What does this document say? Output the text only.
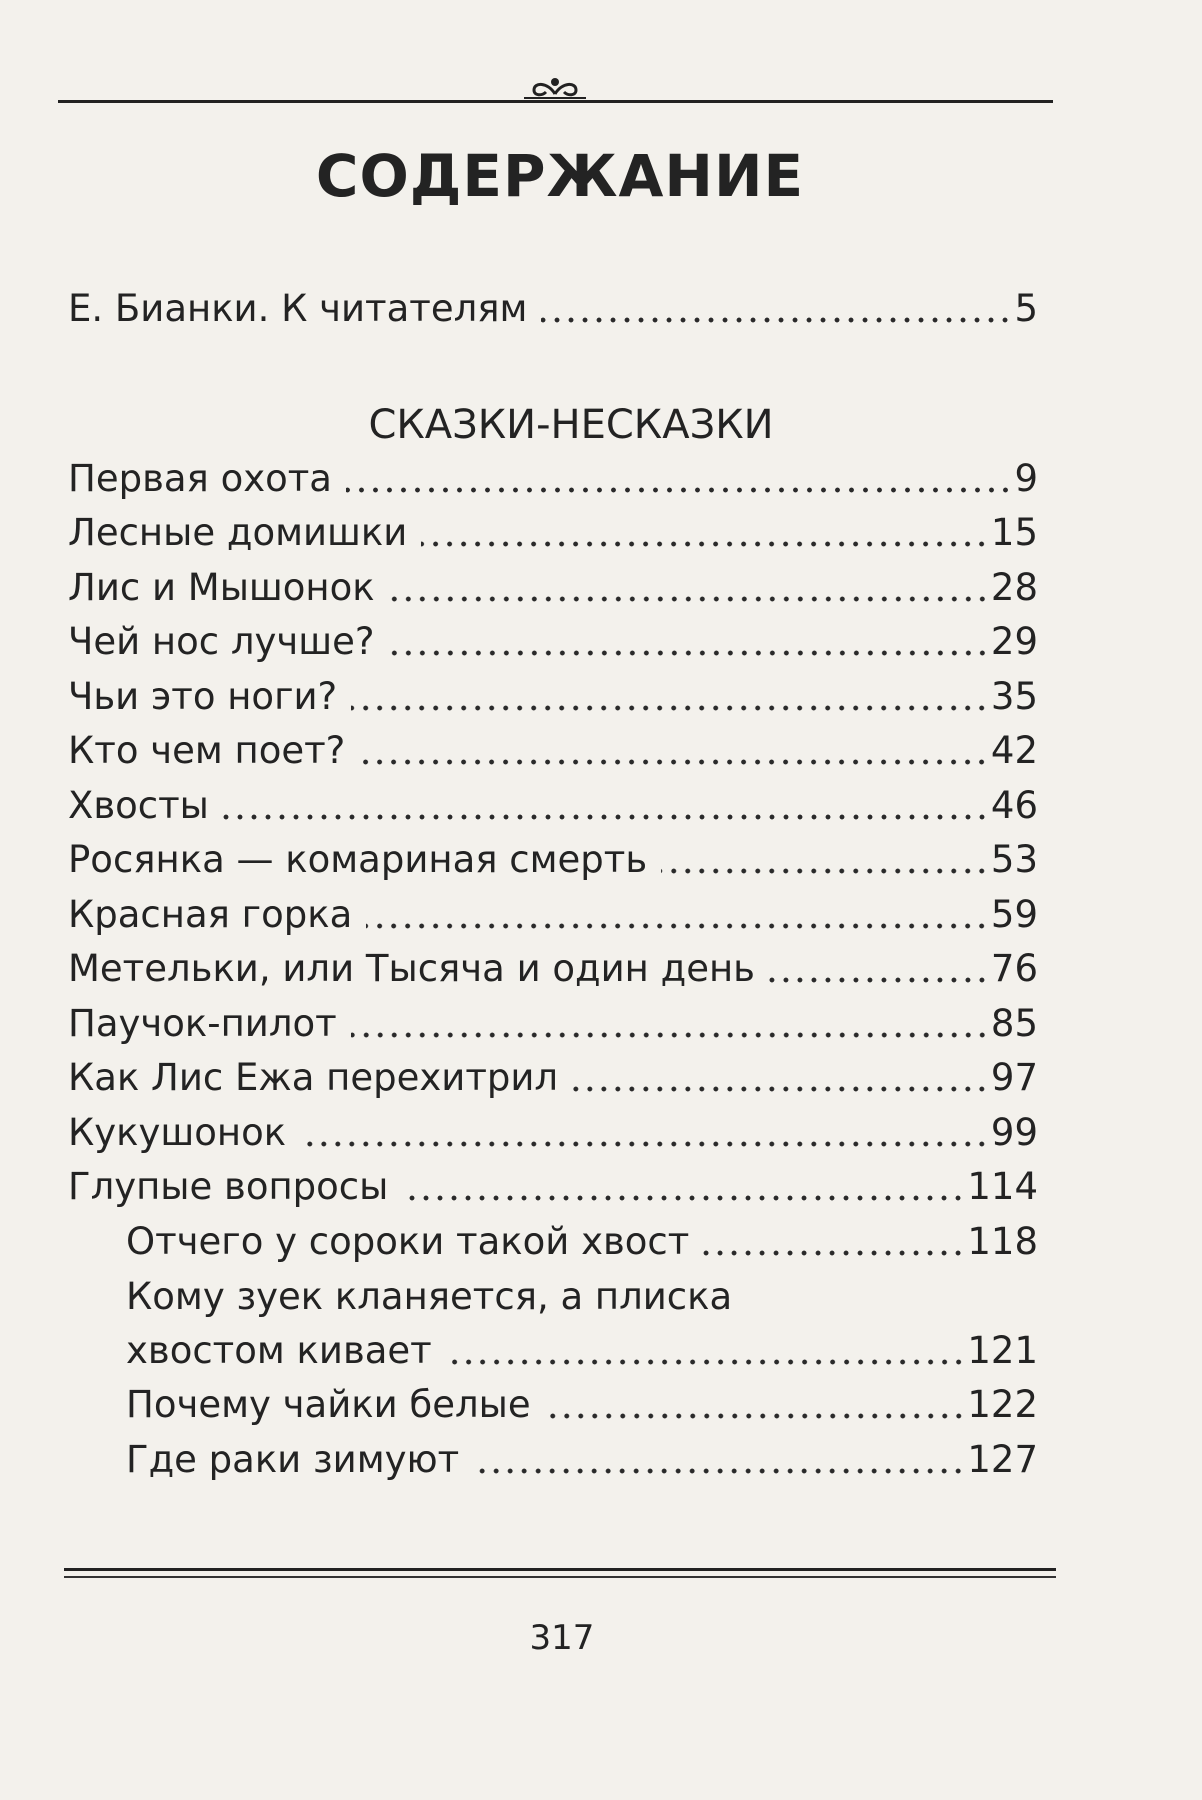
СОДЕРЖАНИЕ
Е. Бианки. К читателям	5
СКАЗКИ-НЕСКАЗКИ
Первая охота	9
Лесные домишки	15
Лис и Мышонок	28
Чей нос лучше?	29
Чьи это ноги?	35
Кто чем поет?	42
Хвосты	46
Росянка — комариная смерть	53
Красная горка	59
Метельки, или Тысяча и один день	76
Паучок-пилот	85
Как Лис Ежа перехитрил	97
Кукушонок	99
Глупые вопросы	114
Отчего у сороки такой хвост	118
Кому зуек кланяется, а плиска
хвостом кивает	121
Почему чайки белые	122
Где раки зимуют	127
317
